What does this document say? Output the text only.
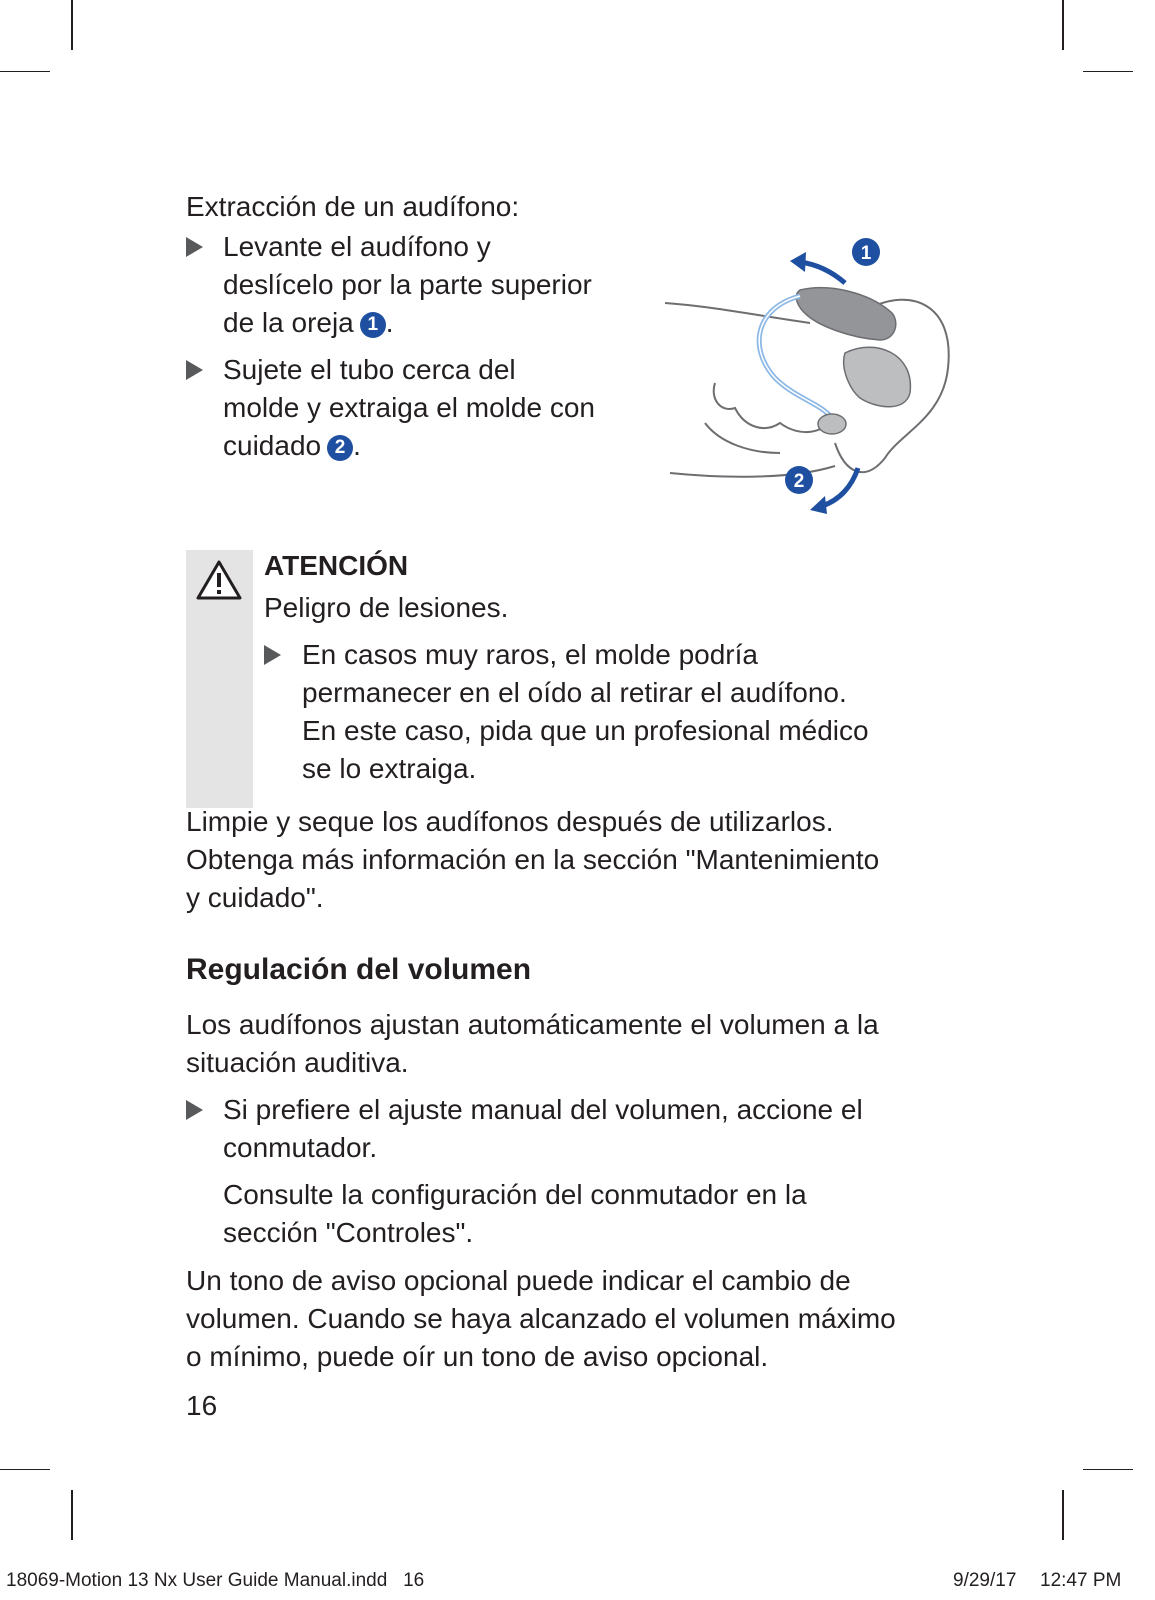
Extracción de un audífono:
Levante el audífono y
deslícelo por la parte superior
de la oreja 1 .
Sujete el tubo cerca del
molde y extraiga el molde con
cuidado 2 .
1
2
ATENCIÓN
Peligro de lesiones.
En casos muy raros, el molde podría
permanecer en el oído al retirar el audífono.
En este caso, pida que un profesional médico
se lo extraiga.
Limpie y seque los audífonos después de utilizarlos.
Obtenga más información en la sección "Mantenimiento
y cuidado".
Regulación del volumen
Los audífonos ajustan automáticamente el volumen a la
situación auditiva.
Si prefiere el ajuste manual del volumen, accione el
conmutador.
Consulte la configuración del conmutador en la
sección "Controles".
Un tono de aviso opcional puede indicar el cambio de
volumen. Cuando se haya alcanzado el volumen máximo
o mínimo, puede oír un tono de aviso opcional.
16
18069-Motion 13 Nx User Guide Manual.indd   16	9/29/17 12:47 PM
